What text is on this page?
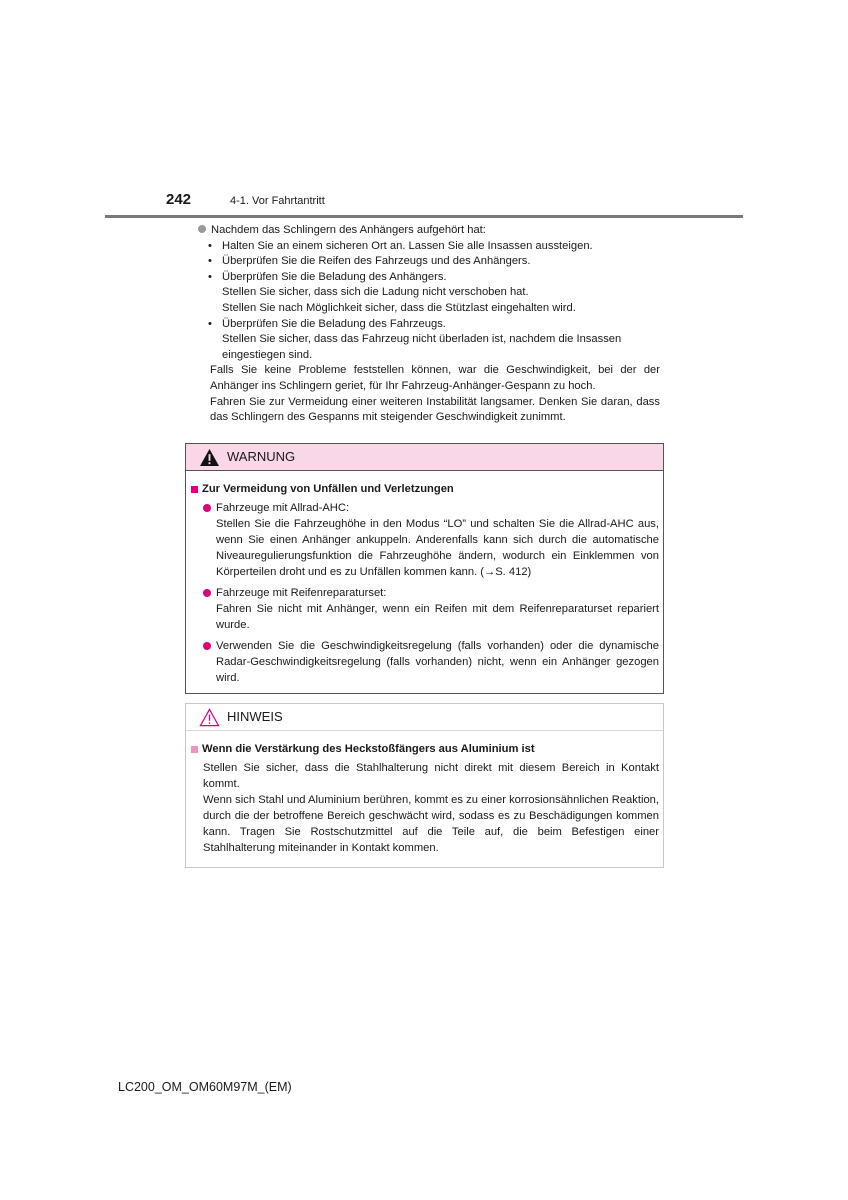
242	4-1. Vor Fahrtantritt
Nachdem das Schlingern des Anhängers aufgehört hat:
• Halten Sie an einem sicheren Ort an. Lassen Sie alle Insassen aussteigen.
• Überprüfen Sie die Reifen des Fahrzeugs und des Anhängers.
• Überprüfen Sie die Beladung des Anhängers.
Stellen Sie sicher, dass sich die Ladung nicht verschoben hat.
Stellen Sie nach Möglichkeit sicher, dass die Stützlast eingehalten wird.
• Überprüfen Sie die Beladung des Fahrzeugs.
Stellen Sie sicher, dass das Fahrzeug nicht überladen ist, nachdem die Insassen eingestiegen sind.
Falls Sie keine Probleme feststellen können, war die Geschwindigkeit, bei der der Anhänger ins Schlingern geriet, für Ihr Fahrzeug-Anhänger-Gespann zu hoch.
Fahren Sie zur Vermeidung einer weiteren Instabilität langsamer. Denken Sie daran, dass das Schlingern des Gespanns mit steigender Geschwindigkeit zunimmt.
WARNUNG
Zur Vermeidung von Unfällen und Verletzungen
Fahrzeuge mit Allrad-AHC:
Stellen Sie die Fahrzeughöhe in den Modus “LO” und schalten Sie die Allrad-AHC aus, wenn Sie einen Anhänger ankuppeln. Anderenfalls kann sich durch die automatische Niveauregulierungsfunktion die Fahrzeughöhe ändern, wodurch ein Einklemmen von Körperteilen droht und es zu Unfällen kommen kann. (→S. 412)
Fahrzeuge mit Reifenreparaturset:
Fahren Sie nicht mit Anhänger, wenn ein Reifen mit dem Reifenreparaturset repariert wurde.
Verwenden Sie die Geschwindigkeitsregelung (falls vorhanden) oder die dynamische Radar-Geschwindigkeitsregelung (falls vorhanden) nicht, wenn ein Anhänger gezogen wird.
HINWEIS
Wenn die Verstärkung des Heckstoßfängers aus Aluminium ist
Stellen Sie sicher, dass die Stahlhalterung nicht direkt mit diesem Bereich in Kontakt kommt.
Wenn sich Stahl und Aluminium berühren, kommt es zu einer korrosionsähnlichen Reaktion, durch die der betroffene Bereich geschwächt wird, sodass es zu Beschädigungen kommen kann. Tragen Sie Rostschutzmittel auf die Teile auf, die beim Befestigen einer Stahlhalterung miteinander in Kontakt kommen.
LC200_OM_OM60M97M_(EM)
